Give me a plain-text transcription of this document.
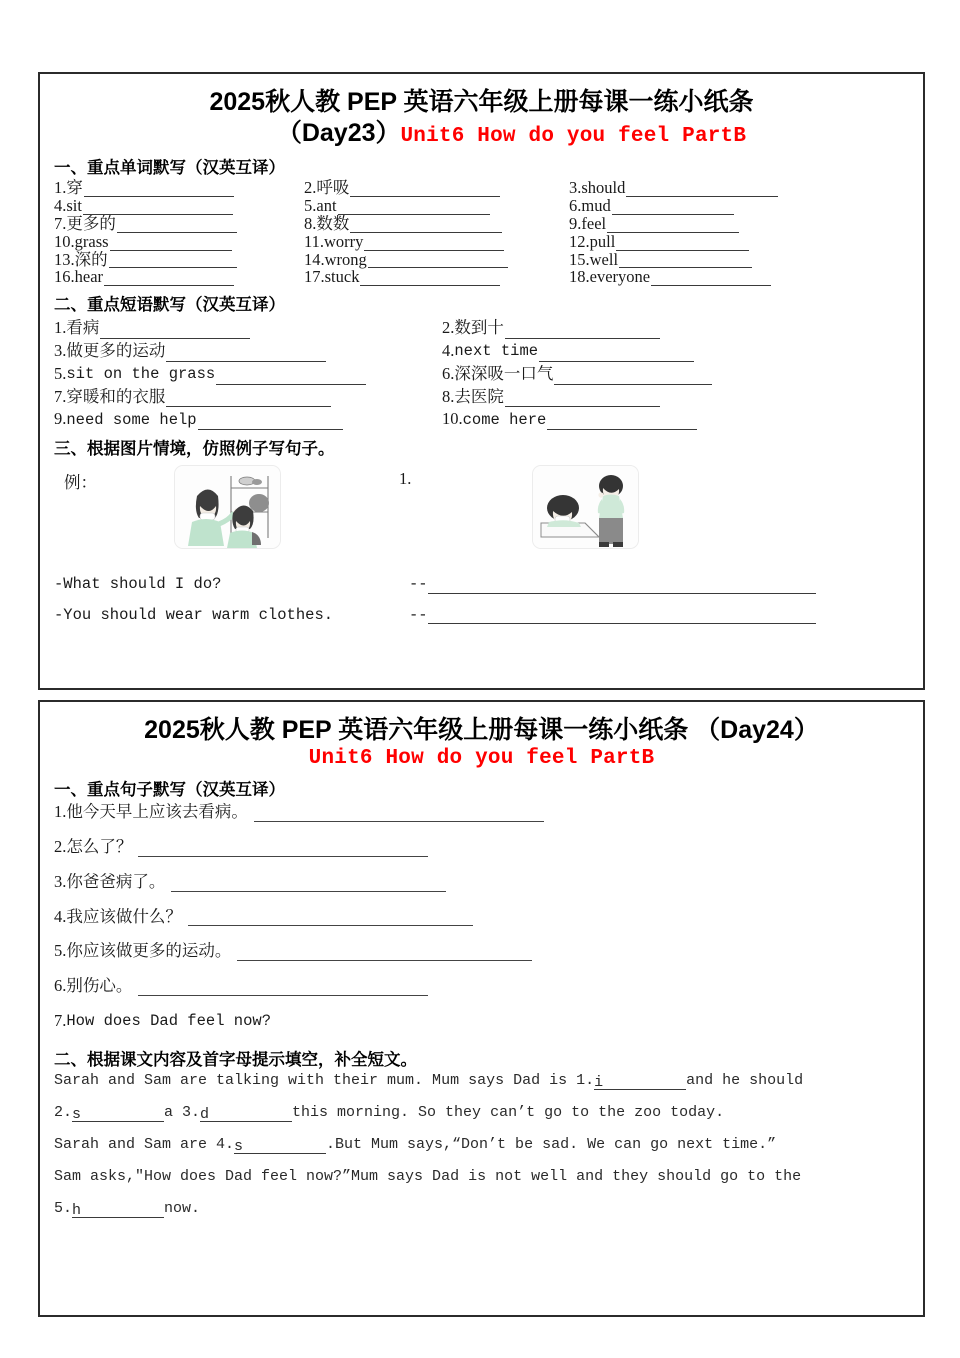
2025秋人教 PEP 英语六年级上册每课一练小纸条
（Day23）Unit6 How do you feel PartB
一、重点单词默写（汉英互译）
1. 穿	2. 呼吸	3. should
4. sit	5. ant	6. mud
7. 更多的	8. 数数	9. feel
10. grass	11. worry	12. pull
13. 深的	14. wrong	15. well
16. hear	17. stuck	18. everyone
二、重点短语默写（汉英互译）
1. 看病	2. 数到十
3. 做更多的运动	4. next time
5. sit on the grass	6. 深深吸一口气
7. 穿暖和的衣服	8. 去医院
9. need some help	10. come here
三、根据图片情境，仿照例子写句子。
例：	1.
-What should I do?	--
-You should wear warm clothes.	--
2025秋人教 PEP 英语六年级上册每课一练小纸条 （Day24）
Unit6 How do you feel PartB
一、重点句子默写（汉英互译）
1. 他今天早上应该去看病。
2. 怎么了？
3. 你爸爸病了。
4. 我应该做什么？
5. 你应该做更多的运动。
6. 别伤心。
7. How does Dad feel now?
二、根据课文内容及首字母提示填空，补全短文。
Sarah and Sam are talking with their mum. Mum says Dad is 1. i	and he should
2. s	a 3. d	this morning. So they can’t go to the zoo today.
Sarah and Sam are 4. s	.But Mum says,“Don’t be sad. We can go next time.”
Sam asks,"How does Dad feel now?”Mum says Dad is not well and they should go to the
5. h	now.
